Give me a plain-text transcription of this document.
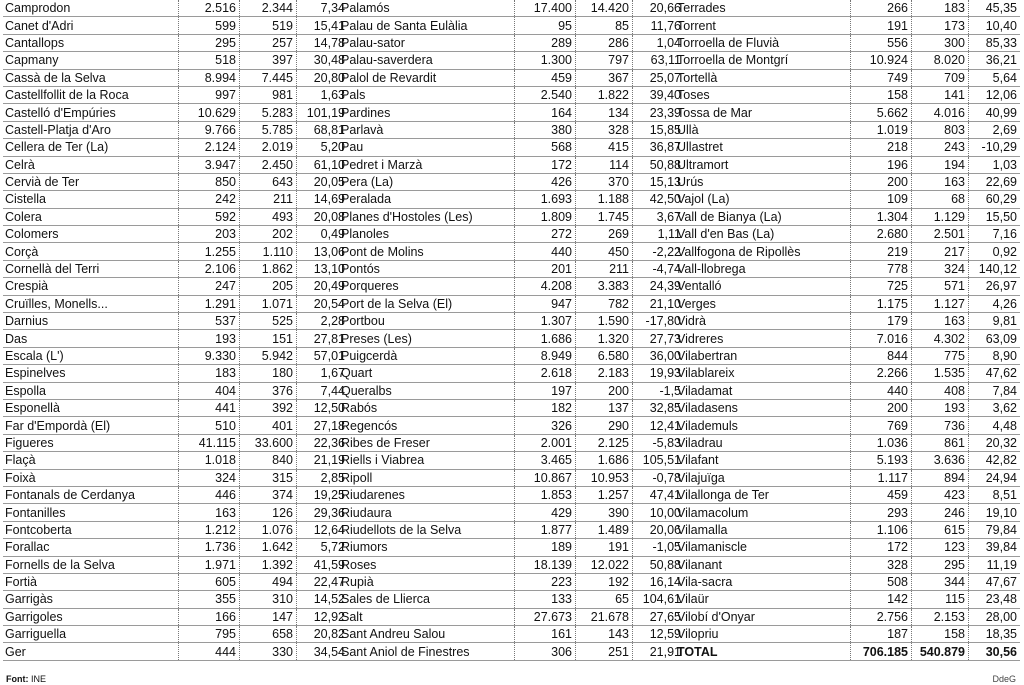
Camprodon	2.516	2.344	7,34
Canet d'Adri	599	519	15,41
Cantallops	295	257	14,78
Capmany	518	397	30,48
Cassà de la Selva	8.994	7.445	20,80
Castellfollit de la Roca	997	981	1,63
Castelló d'Empúries	10.629	5.283	101,19
Castell-Platja d'Aro	9.766	5.785	68,81
Cellera de Ter (La)	2.124	2.019	5,20
Celrà	3.947	2.450	61,10
Cervià de Ter	850	643	20,05
Cistella	242	211	14,69
Colera	592	493	20,08
Colomers	203	202	0,49
Corçà	1.255	1.110	13,06
Cornellà del Terri	2.106	1.862	13,10
Crespià	247	205	20,49
Cruïlles, Monells...	1.291	1.071	20,54
Darnius	537	525	2,28
Das	193	151	27,81
Escala (L')	9.330	5.942	57,01
Espinelves	183	180	1,67
Espolla	404	376	7,44
Esponellà	441	392	12,50
Far d'Empordà (El)	510	401	27,18
Figueres	41.115	33.600	22,36
Flaçà	1.018	840	21,19
Foixà	324	315	2,85
Fontanals de Cerdanya	446	374	19,25
Fontanilles	163	126	29,36
Fontcoberta	1.212	1.076	12,64
Forallac	1.736	1.642	5,72
Fornells de la Selva	1.971	1.392	41,59
Fortià	605	494	22,47
Garrigàs	355	310	14,52
Garrigoles	166	147	12,92
Garriguella	795	658	20,82
Ger	444	330	34,54
Palamós	17.400	14.420	20,66
Palau de Santa Eulàlia	95	85	11,76
Palau-sator	289	286	1,04
Palau-saverdera	1.300	797	63,11
Palol de Revardit	459	367	25,07
Pals	2.540	1.822	39,40
Pardines	164	134	23,39
Parlavà	380	328	15,85
Pau	568	415	36,87
Pedret i Marzà	172	114	50,88
Pera (La)	426	370	15,13
Peralada	1.693	1.188	42,50
Planes d'Hostoles (Les)	1.809	1.745	3,67
Planoles	272	269	1,11
Pont de Molins	440	450	-2,22
Pontós	201	211	-4,74
Porqueres	4.208	3.383	24,39
Port de la Selva (El)	947	782	21,10
Portbou	1.307	1.590	-17,80
Preses (Les)	1.686	1.320	27,73
Puigcerdà	8.949	6.580	36,00
Quart	2.618	2.183	19,93
Queralbs	197	200	-1,5
Rabós	182	137	32,85
Regencós	326	290	12,41
Ribes de Freser	2.001	2.125	-5,83
Riells i Viabrea	3.465	1.686	105,51
Ripoll	10.867	10.953	-0,78
Riudarenes	1.853	1.257	47,41
Riudaura	429	390	10,00
Riudellots de la Selva	1.877	1.489	20,06
Riumors	189	191	-1,05
Roses	18.139	12.022	50,88
Rupià	223	192	16,14
Sales de Llierca	133	65	104,61
Salt	27.673	21.678	27,65
Sant Andreu Salou	161	143	12,59
Sant Aniol de Finestres	306	251	21,91
Terrades	266	183	45,35
Torrent	191	173	10,40
Torroella de Fluvià	556	300	85,33
Torroella de Montgrí	10.924	8.020	36,21
Tortellà	749	709	5,64
Toses	158	141	12,06
Tossa de Mar	5.662	4.016	40,99
Ullà	1.019	803	2,69
Ullastret	218	243	-10,29
Ultramort	196	194	1,03
Urús	200	163	22,69
Vajol (La)	109	68	60,29
Vall de Bianya (La)	1.304	1.129	15,50
Vall d'en Bas (La)	2.680	2.501	7,16
Vallfogona de Ripollès	219	217	0,92
Vall-llobrega	778	324	140,12
Ventalló	725	571	26,97
Verges	1.175	1.127	4,26
Vidrà	179	163	9,81
Vidreres	7.016	4.302	63,09
Vilabertran	844	775	8,90
Vilablareix	2.266	1.535	47,62
Viladamat	440	408	7,84
Viladasens	200	193	3,62
Vilademuls	769	736	4,48
Viladrau	1.036	861	20,32
Vilafant	5.193	3.636	42,82
Vilajuïga	1.117	894	24,94
Vilallonga de Ter	459	423	8,51
Vilamacolum	293	246	19,10
Vilamalla	1.106	615	79,84
Vilamaniscle	172	123	39,84
Vilanant	328	295	11,19
Vila-sacra	508	344	47,67
Vilaür	142	115	23,48
Vilobí d'Onyar	2.756	2.153	28,00
Vilopriu	187	158	18,35
TOTAL	706.185	540.879	30,56
Font: INE	DdeG
